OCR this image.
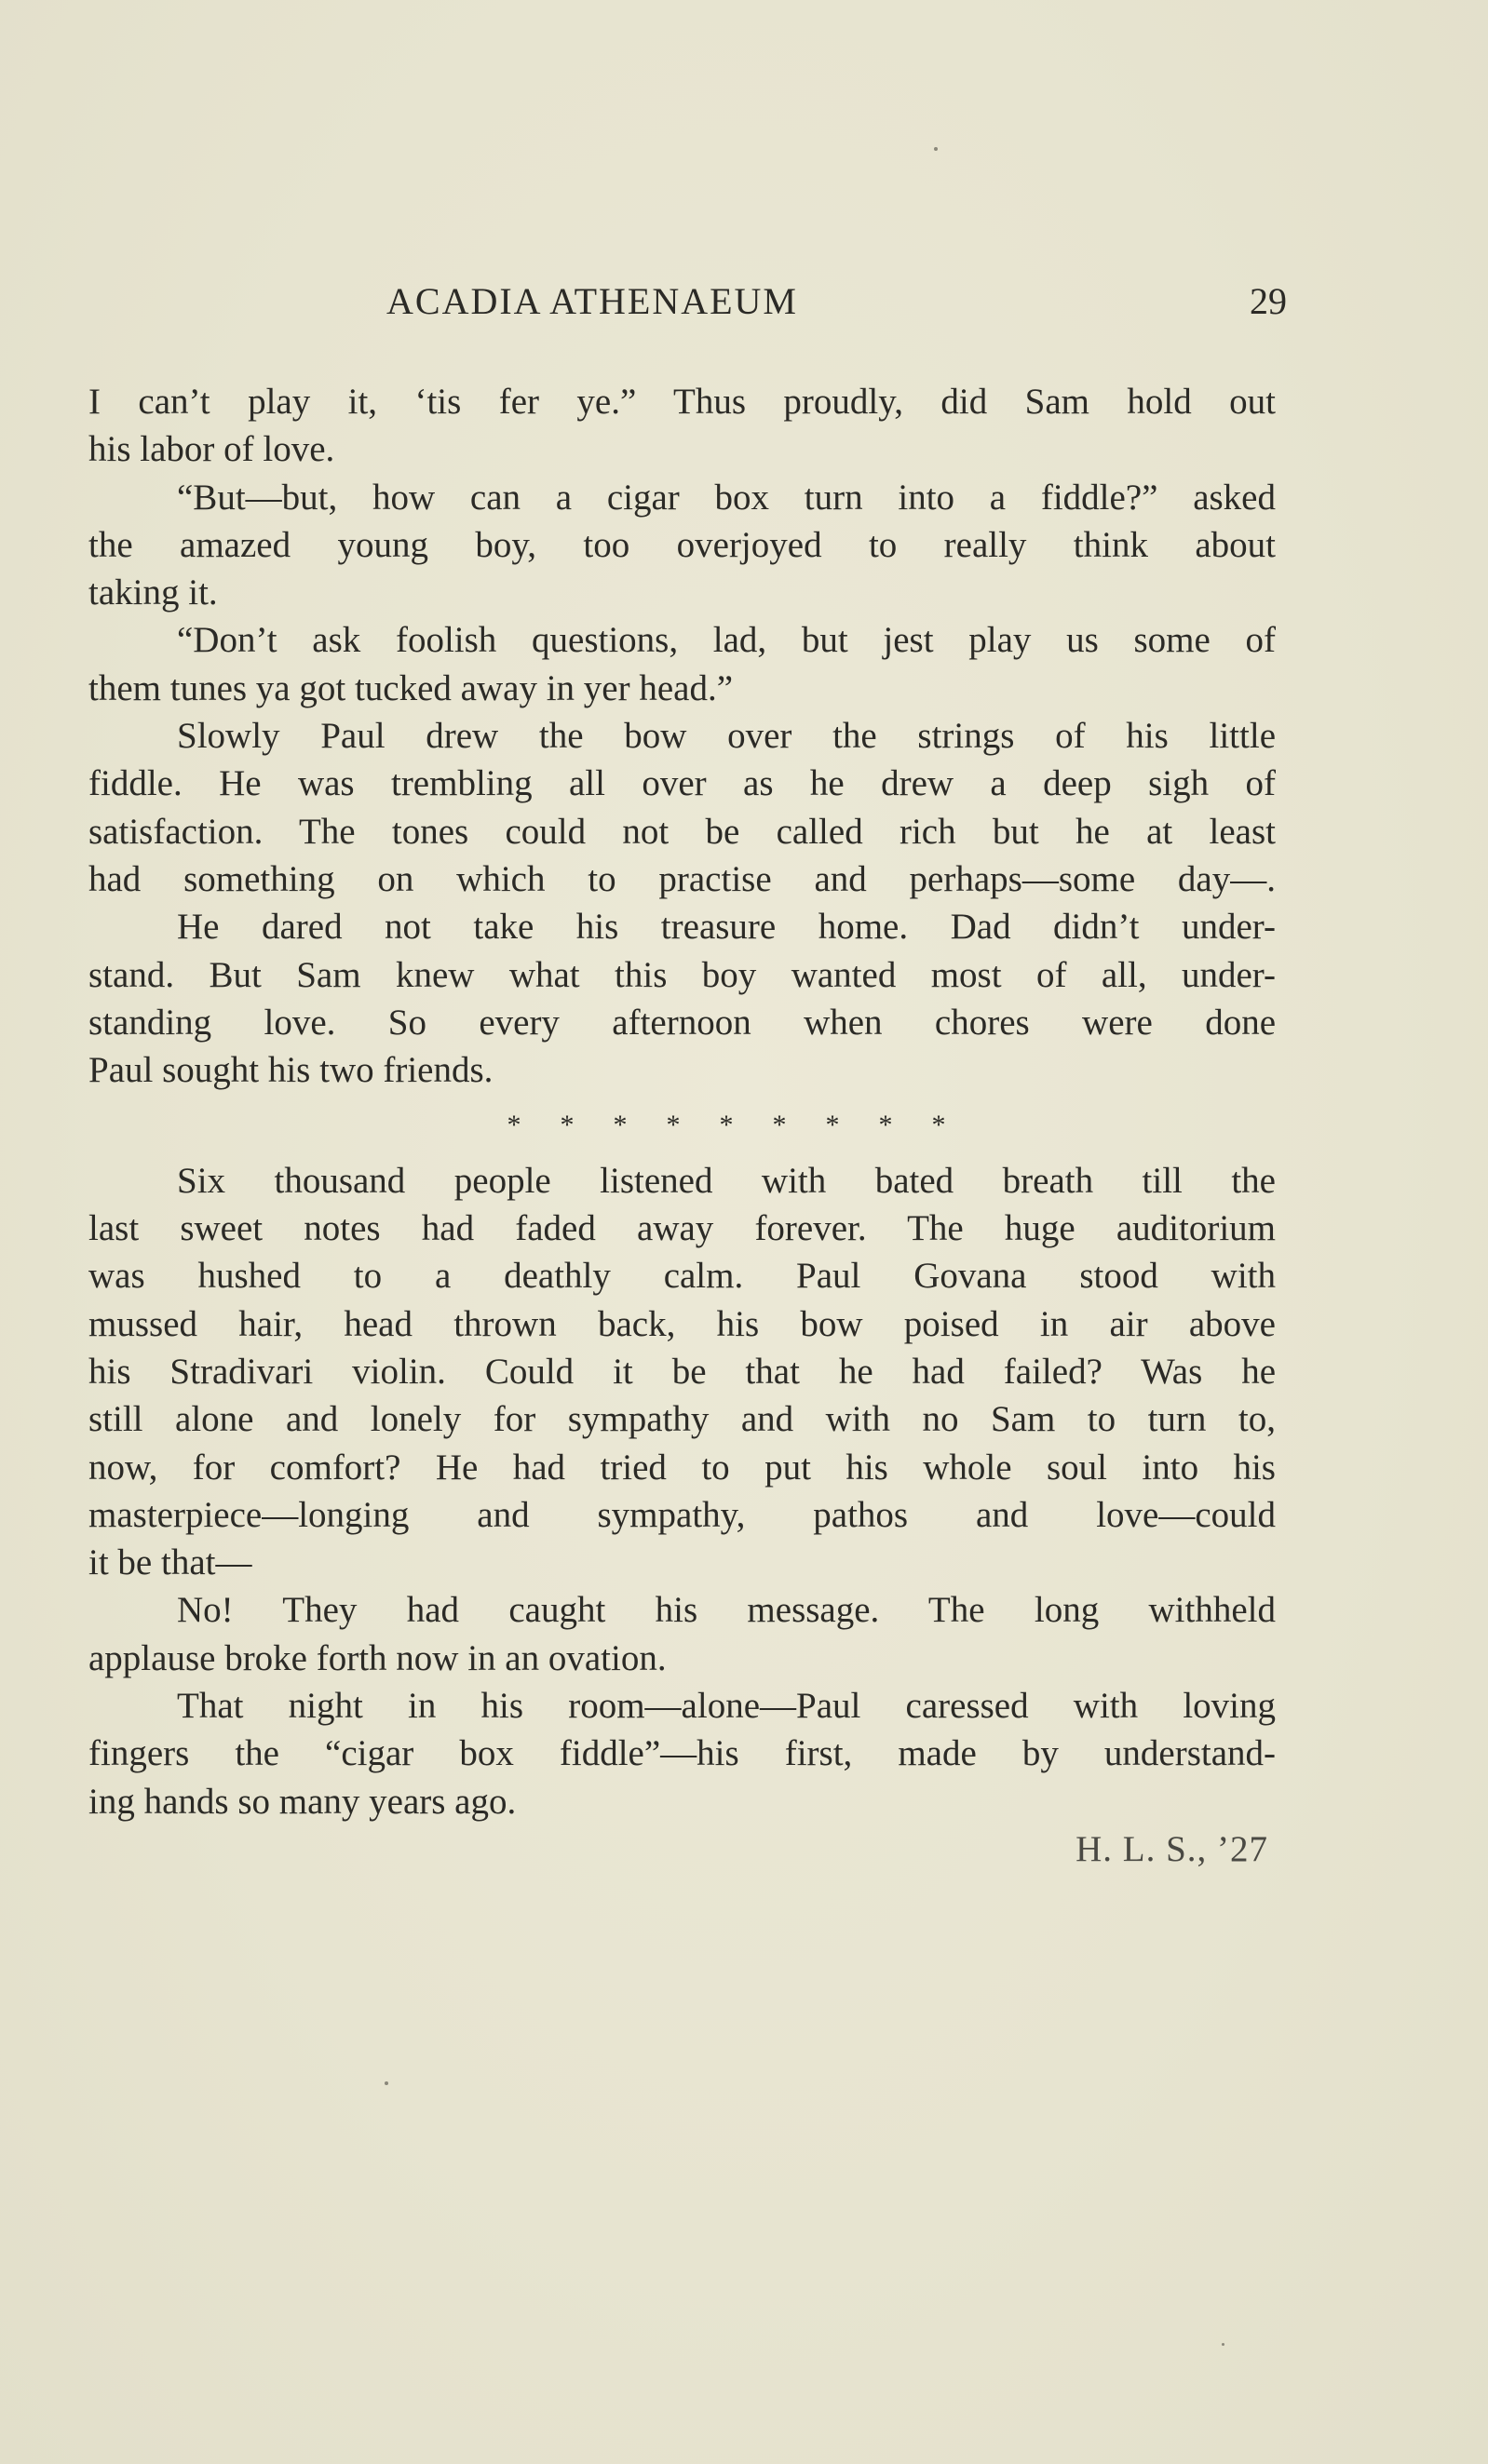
ACADIA ATHENAEUM	29
I can’t play it, ‘tis fer ye.” Thus proudly, did Sam hold out
his labor of love.
“But—but, how can a cigar box turn into a fiddle?” asked
the amazed young boy, too overjoyed to really think about
taking it.
“Don’t ask foolish questions, lad, but jest play us some of
them tunes ya got tucked away in yer head.”
Slowly Paul drew the bow over the strings of his little
fiddle. He was trembling all over as he drew a deep sigh of
satisfaction. The tones could not be called rich but he at least
had something on which to practise and perhaps—some day—.
He dared not take his treasure home. Dad didn’t under-
stand. But Sam knew what this boy wanted most of all, under-
standing love. So every afternoon when chores were done
Paul sought his two friends.
* * * * * * * * *
Six thousand people listened with bated breath till the
last sweet notes had faded away forever. The huge auditorium
was hushed to a deathly calm. Paul Govana stood with
mussed hair, head thrown back, his bow poised in air above
his Stradivari violin. Could it be that he had failed? Was he
still alone and lonely for sympathy and with no Sam to turn to,
now, for comfort? He had tried to put his whole soul into his
masterpiece—longing and sympathy, pathos and love—could
it be that—
No! They had caught his message. The long withheld
applause broke forth now in an ovation.
That night in his room—alone—Paul caressed with loving
fingers the “cigar box fiddle”—his first, made by understand-
ing hands so many years ago.
H. L. S., ’27
